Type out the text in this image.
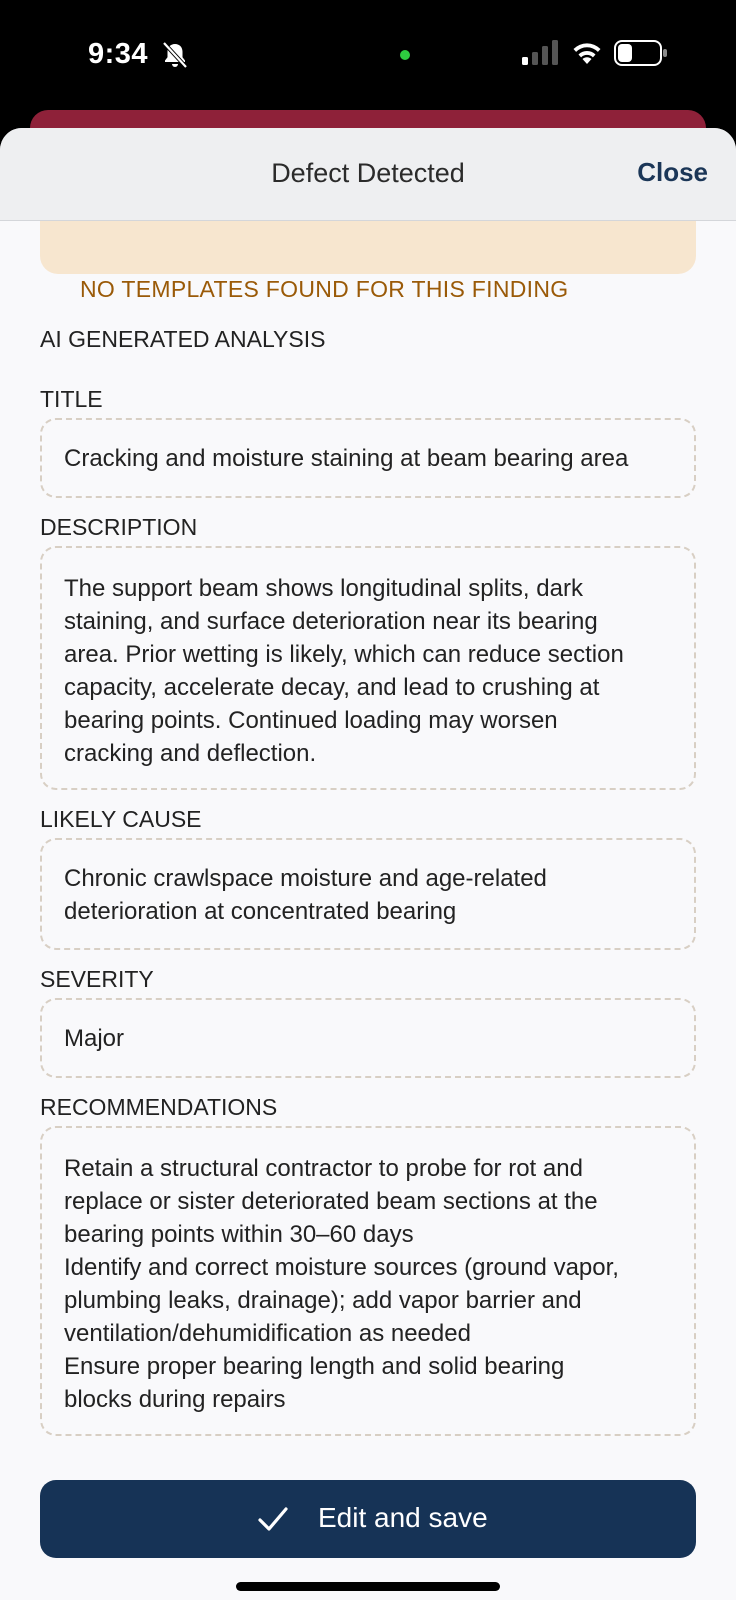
9:34
NO TEMPLATES FOUND FOR THIS FINDING
Defect Detected	Close
AI GENERATED ANALYSIS
TITLE
Cracking and moisture staining at beam bearing area
DESCRIPTION
The support beam shows longitudinal splits, dark
staining, and surface deterioration near its bearing
area. Prior wetting is likely, which can reduce section
capacity, accelerate decay, and lead to crushing at
bearing points. Continued loading may worsen
cracking and deflection.
LIKELY CAUSE
Chronic crawlspace moisture and age-related
deterioration at concentrated bearing
SEVERITY
Major
RECOMMENDATIONS
Retain a structural contractor to probe for rot and
replace or sister deteriorated beam sections at the
bearing points within 30–60 days
Identify and correct moisture sources (ground vapor,
plumbing leaks, drainage); add vapor barrier and
ventilation/dehumidification as needed
Ensure proper bearing length and solid bearing
blocks during repairs
Edit and save
